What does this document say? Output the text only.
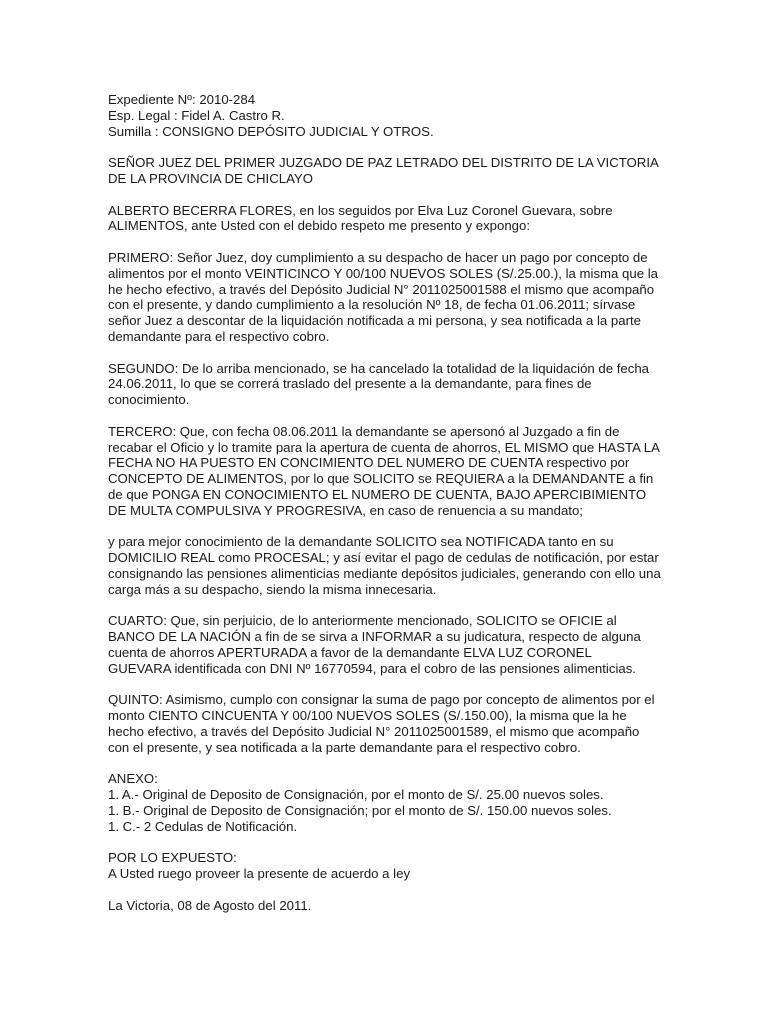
Expediente Nº: 2010-284
Esp. Legal : Fidel A. Castro R.
Sumilla : CONSIGNO DEPÓSITO JUDICIAL Y OTROS.
SEÑOR JUEZ DEL PRIMER JUZGADO DE PAZ LETRADO DEL DISTRITO DE LA VICTORIA
DE LA PROVINCIA DE CHICLAYO
ALBERTO BECERRA FLORES, en los seguidos por Elva Luz Coronel Guevara, sobre
ALIMENTOS, ante Usted con el debido respeto me presento y expongo:
PRIMERO: Señor Juez, doy cumplimiento a su despacho de hacer un pago por concepto de
alimentos por el monto VEINTICINCO Y 00/100 NUEVOS SOLES (S/.25.00.), la misma que la
he hecho efectivo, a través del Depósito Judicial N° 2011025001588 el mismo que acompaño
con el presente, y dando cumplimiento a la resolución Nº 18, de fecha 01.06.2011; sírvase
señor Juez a descontar de la liquidación notificada a mi persona, y sea notificada a la parte
demandante para el respectivo cobro.
SEGUNDO: De lo arriba mencionado, se ha cancelado la totalidad de la liquidación de fecha
24.06.2011, lo que se correrá traslado del presente a la demandante, para fines de
conocimiento.
TERCERO: Que, con fecha 08.06.2011 la demandante se apersonó al Juzgado a fin de
recabar el Oficio y lo tramite para la apertura de cuenta de ahorros, EL MISMO que HASTA LA
FECHA NO HA PUESTO EN CONCIMIENTO DEL NUMERO DE CUENTA respectivo por
CONCEPTO DE ALIMENTOS, por lo que SOLICITO se REQUIERA a la DEMANDANTE a fin
de que PONGA EN CONOCIMIENTO EL NUMERO DE CUENTA, BAJO APERCIBIMIENTO
DE MULTA COMPULSIVA Y PROGRESIVA, en caso de renuencia a su mandato;
y para mejor conocimiento de la demandante SOLICITO sea NOTIFICADA tanto en su
DOMICILIO REAL como PROCESAL; y así evitar el pago de cedulas de notificación, por estar
consignando las pensiones alimenticias mediante depósitos judiciales, generando con ello una
carga más a su despacho, siendo la misma innecesaria.
CUARTO: Que, sin perjuicio, de lo anteriormente mencionado, SOLICITO se OFICIE al
BANCO DE LA NACIÓN a fin de se sirva a INFORMAR a su judicatura, respecto de alguna
cuenta de ahorros APERTURADA a favor de la demandante ELVA LUZ CORONEL
GUEVARA identificada con DNI Nº 16770594, para el cobro de las pensiones alimenticias.
QUINTO: Asimismo, cumplo con consignar la suma de pago por concepto de alimentos por el
monto CIENTO CINCUENTA Y 00/100 NUEVOS SOLES (S/.150.00), la misma que la he
hecho efectivo, a través del Depósito Judicial N° 2011025001589, el mismo que acompaño
con el presente, y sea notificada a la parte demandante para el respectivo cobro.
ANEXO:
1. A.- Original de Deposito de Consignación, por el monto de S/. 25.00 nuevos soles.
1. B.- Original de Deposito de Consignación; por el monto de S/. 150.00 nuevos soles.
1. C.- 2 Cedulas de Notificación.
POR LO EXPUESTO:
A Usted ruego proveer la presente de acuerdo a ley
La Victoria, 08 de Agosto del 2011.
